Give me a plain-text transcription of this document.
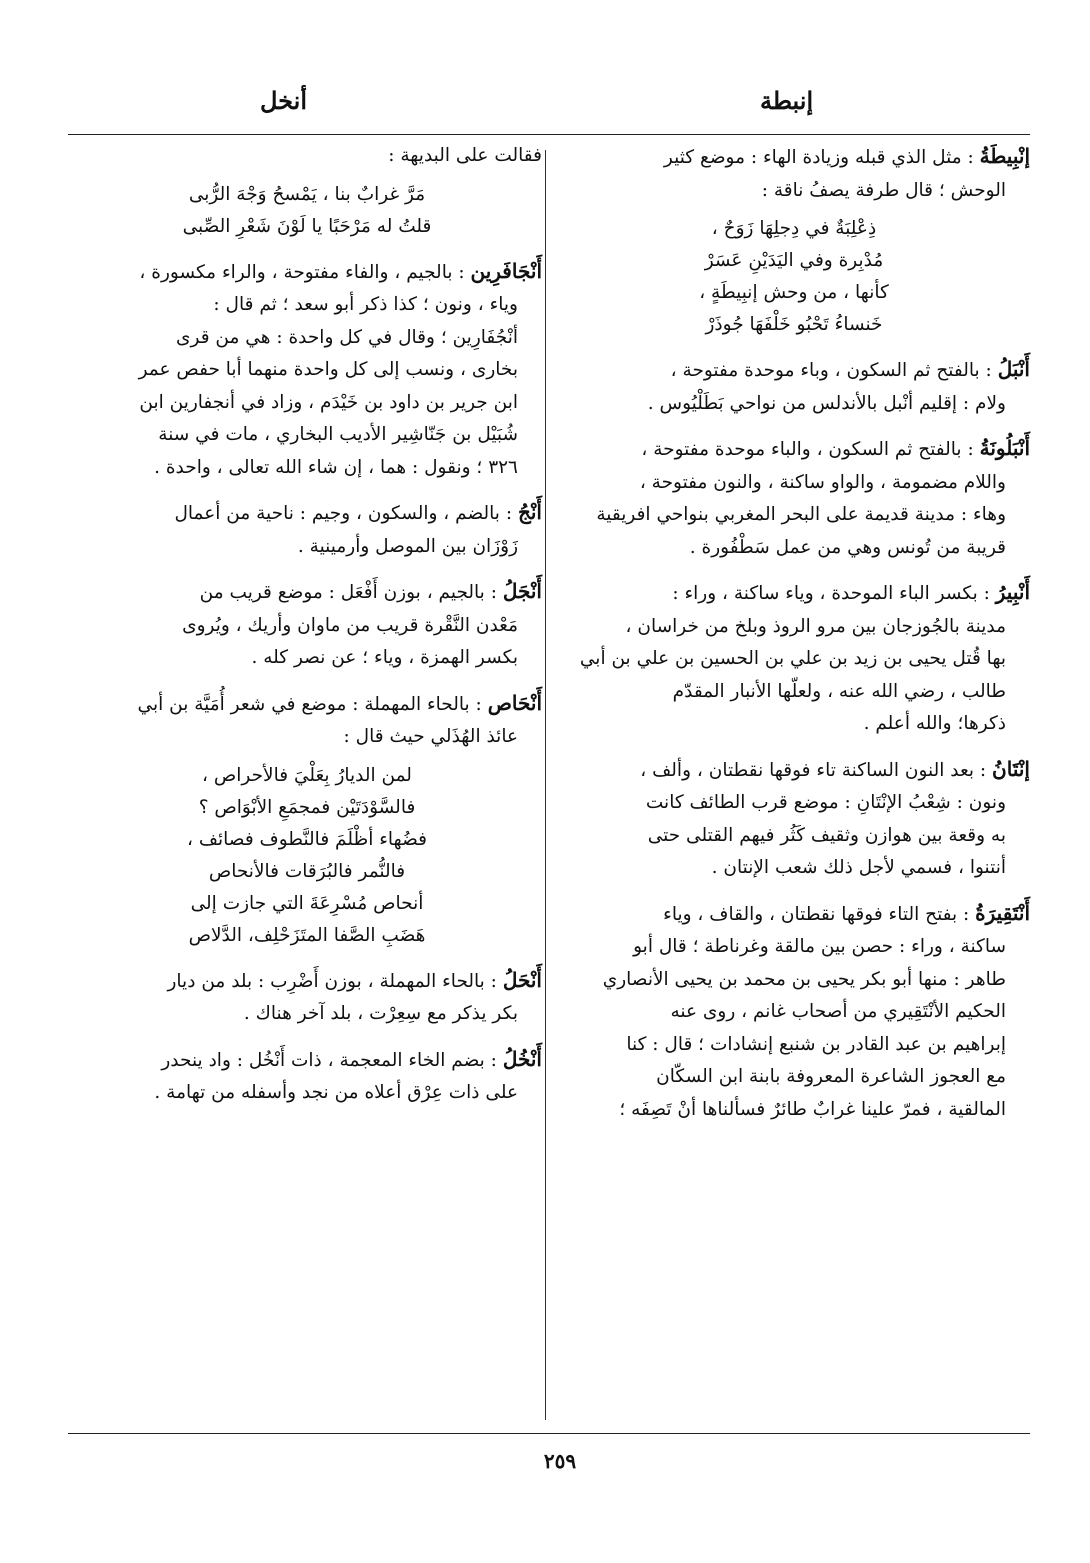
إنبطة
أنخل

إنْبِيطَةُ : مثل الذي قبله وزيادة الهاء : موضع كثير

الوحش ؛ قال طرفة يصفُ ناقة :

ذِعْلِبَةٌ في دِجلِهَا زَوَحٌ ،
مُدْبِرة وفي اليَدَيْنِ عَسَرْ
كأنها ، من وحش إنبِيطَةٍ ،
خَنساءُ تَحْبُو خَلْفَهَا جُوذَرْ

أَنْبَلُ : بالفتح ثم السكون ، وباء موحدة مفتوحة ،

ولام : إقليم أنْبل بالأندلس من نواحي بَطَلْيُوس .

أَنْبَلُونَةُ : بالفتح ثم السكون ، والباء موحدة مفتوحة ،

واللام مضمومة ، والواو ساكنة ، والنون مفتوحة ،

وهاء : مدينة قديمة على البحر المغربي بنواحي افريقية

قريبة من تُونس وهي من عمل سَطْفُورة .

أَنْبِيرُ : بكسر الباء الموحدة ، وياء ساكنة ، وراء :

مدينة بالجُوزجان بين مرو الروذ وبلخ من خراسان ،

بها قُتل يحيى بن زيد بن علي بن الحسين بن علي بن أبي

طالب ، رضي الله عنه ، ولعلّها الأنبار المقدّم

ذكرها؛ والله أعلم .

إنْتَانُ : بعد النون الساكنة تاء فوقها نقطتان ، وألف ،

ونون : شِعْبُ الإنْتَانِ : موضع قرب الطائف كانت

به وقعة بين هوازن وثقيف كَثُر فيهم القتلى حتى

أنتنوا ، فسمي لأجل ذلك شعب الإنتان .

أَنْتَقِيرَةُ : بفتح التاء فوقها نقطتان ، والقاف ، وياء

ساكنة ، وراء : حصن بين مالقة وغرناطة ؛ قال أبو

طاهر : منها أبو بكر يحيى بن محمد بن يحيى الأنصاري

الحكيم الأنْتَقِيري من أصحاب غانم ، روى عنه

إبراهيم بن عبد القادر بن شنبع إنشادات ؛ قال : كنا

مع العجوز الشاعرة المعروفة بابنة ابن السكّان

المالقية ، فمرّ علينا غرابٌ طائرٌ فسألناها أنْ تَصِفَه ؛

فقالت على البديهة :

مَرَّ غرابٌ بنا ، يَمْسحُ وَجْهَ الرُّبى
قلتُ له مَرْحَبًا يا لَوْنَ شَعْرِ الصِّبى

أَنْجَافَرِين : بالجيم ، والفاء مفتوحة ، والراء مكسورة ،

وياء ، ونون ؛ كذا ذكر أبو سعد ؛ ثم قال :

أنْجُفَارِين ؛ وقال في كل واحدة : هي من قرى

بخارى ، ونسب إلى كل واحدة منهما أبا حفص عمر

ابن جرير بن داود بن خَيْدَم ، وزاد في أنجفارين ابن

شُبَيْل بن جَنّاشِير الأديب البخاري ، مات في سنة

٣٢٦ ؛ ونقول : هما ، إن شاء الله تعالى ، واحدة .

أَنْجُ : بالضم ، والسكون ، وجيم : ناحية من أعمال

زَوْزَان بين الموصل وأرمينية .

أَنْجَلُ : بالجيم ، بوزن أَفْعَل : موضع قريب من

مَعْدن النَّقْرة قريب من ماوان وأريك ، ويُروى

بكسر الهمزة ، وياء ؛ عن نصر كله .

أَنْحَاص : بالحاء المهملة : موضع في شعر أُمَيَّة بن أبي

عائذ الهُذَلي حيث قال :

لمن الديارُ بِعَلْيَ فالأحراص ،
فالسَّوْدَتَيْن فمجمَعِ الأبْوَاص ؟
فضُهاء أظْلَمَ فالنَّطوف فصائف ،
فالنُّمر فالبُرَقات فالأنحاص
أنحاص مُسْرِعَةَ التي جازت إلى
هَضَبِ الصَّفا المتَزَحْلِف، الدَّلاص

أَنْحَلُ : بالحاء المهملة ، بوزن أَضْرِب : بلد من ديار

بكر يذكر مع سِعِرْت ، بلد آخر هناك .

أَنْخُلُ : بضم الخاء المعجمة ، ذات أَنْخُل : واد ينحدر

على ذات عِرْق أعلاه من نجد وأسفله من تهامة .

٢٥٩
